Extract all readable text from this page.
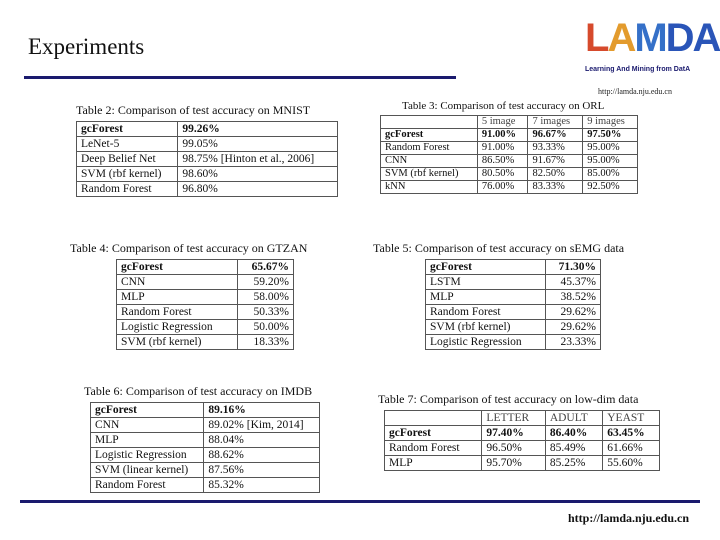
Experiments	LAMDA
Learning And Mining from DatA
http://lamda.nju.edu.cn
Table 2: Comparison of test accuracy on MNIST
gcForest	99.26%
LeNet-5	99.05%
Deep Belief Net	98.75% [Hinton et al., 2006]
SVM (rbf kernel)	98.60%
Random Forest	96.80%
Table 3: Comparison of test accuracy on ORL
	5 image	7 images	9 images
gcForest	91.00%	96.67%	97.50%
Random Forest	91.00%	93.33%	95.00%
CNN	86.50%	91.67%	95.00%
SVM (rbf kernel)	80.50%	82.50%	85.00%
kNN	76.00%	83.33%	92.50%
Table 4: Comparison of test accuracy on GTZAN
gcForest	65.67%
CNN	59.20%
MLP	58.00%
Random Forest	50.33%
Logistic Regression	50.00%
SVM (rbf kernel)	18.33%
Table 5: Comparison of test accuracy on sEMG data
gcForest	71.30%
LSTM	45.37%
MLP	38.52%
Random Forest	29.62%
SVM (rbf kernel)	29.62%
Logistic Regression	23.33%
Table 6: Comparison of test accuracy on IMDB
gcForest	89.16%
CNN	89.02% [Kim, 2014]
MLP	88.04%
Logistic Regression	88.62%
SVM (linear kernel)	87.56%
Random Forest	85.32%
Table 7: Comparison of test accuracy on low-dim data
	LETTER	ADULT	YEAST
gcForest	97.40%	86.40%	63.45%
Random Forest	96.50%	85.49%	61.66%
MLP	95.70%	85.25%	55.60%
http://lamda.nju.edu.cn
